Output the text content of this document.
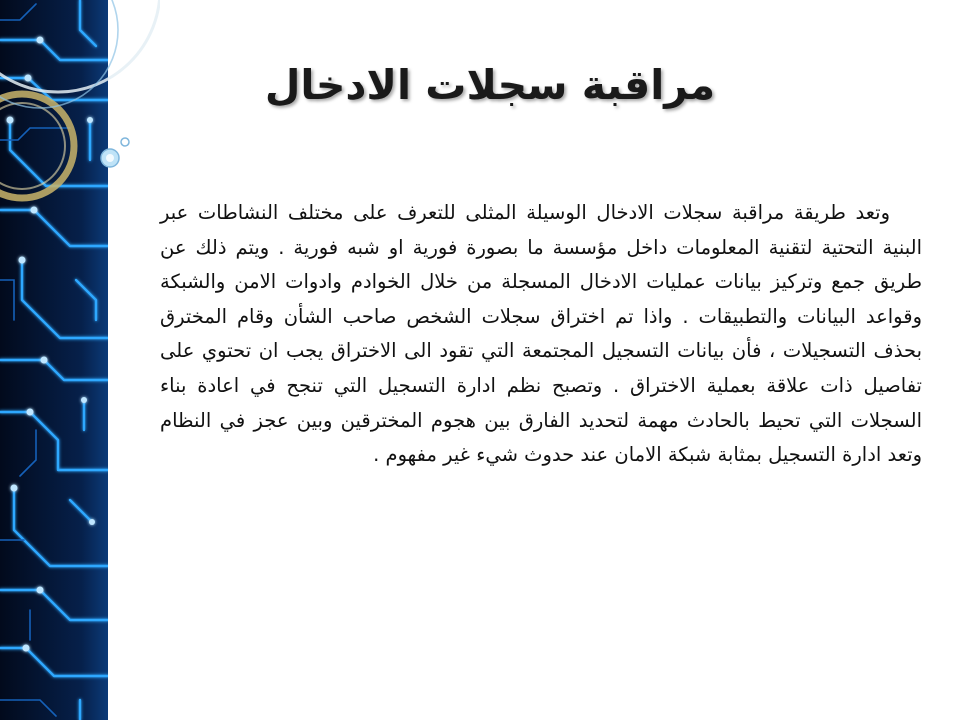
مراقبة سجلات الادخال

وتعد طريقة مراقبة سجلات الادخال الوسيلة المثلى للتعرف على مختلف النشاطات عبر البنية التحتية لتقنية المعلومات داخل مؤسسة ما بصورة فورية او شبه فورية . ويتم ذلك عن طريق جمع وتركيز بيانات عمليات الادخال المسجلة من خلال الخوادم وادوات الامن والشبكة وقواعد البيانات والتطبيقات . واذا تم اختراق سجلات الشخص صاحب الشأن وقام المخترق بحذف التسجيلات ، فأن بيانات التسجيل المجتمعة التي تقود الى الاختراق يجب ان تحتوي على تفاصيل ذات علاقة بعملية الاختراق . وتصبح نظم ادارة التسجيل التي تنجح في اعادة بناء السجلات التي تحيط بالحادث مهمة لتحديد الفارق بين هجوم المخترقين وبين عجز في النظام وتعد ادارة التسجيل بمثابة شبكة الامان عند حدوث شيء غير مفهوم .
